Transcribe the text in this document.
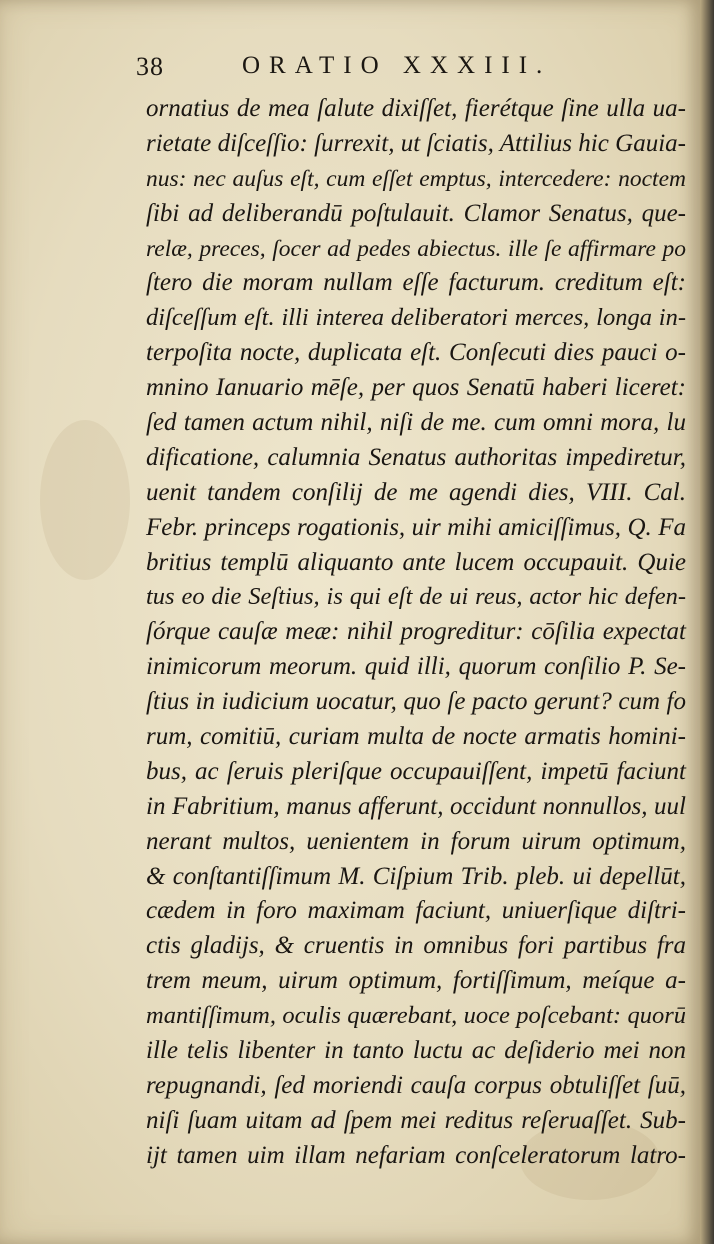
38	ORATIO XXXIII.
ornatius de mea ſalute dixiſſet, fierétque ſine ulla ua-
rietate diſceſſio: ſurrexit, ut ſciatis, Attilius hic Gauia-
nus: nec auſus eſt, cum eſſet emptus, intercedere: noctem
ſibi ad deliberandū poſtulauit. Clamor Senatus, que-
relæ, preces, ſocer ad pedes abiectus. ille ſe affirmare po
ſtero die moram nullam eſſe facturum. creditum eſt:
diſceſſum eſt. illi interea deliberatori merces, longa in-
terpoſita nocte, duplicata eſt. Conſecuti dies pauci o-
mnino Ianuario mēſe, per quos Senatū haberi liceret:
ſed tamen actum nihil, niſi de me. cum omni mora, lu
dificatione, calumnia Senatus authoritas impediretur,
uenit tandem conſilij de me agendi dies, VIII. Cal.
Febr. princeps rogationis, uir mihi amiciſſimus, Q. Fa
britius templū aliquanto ante lucem occupauit. Quie
tus eo die Seſtius, is qui eſt de ui reus, actor hic defen-
ſórque cauſæ meæ: nihil progreditur: cōſilia expectat
inimicorum meorum. quid illi, quorum conſilio P. Se-
ſtius in iudicium uocatur, quo ſe pacto gerunt? cum fo
rum, comitiū, curiam multa de nocte armatis homini-
bus, ac ſeruis pleriſque occupauiſſent, impetū faciunt
in Fabritium, manus afferunt, occidunt nonnullos, uul
nerant multos, uenientem in forum uirum optimum,
& conſtantiſſimum M. Ciſpium Trib. pleb. ui depellūt,
cædem in foro maximam faciunt, uniuerſique diſtri-
ctis gladijs, & cruentis in omnibus fori partibus fra
trem meum, uirum optimum, fortiſſimum, meíque a-
mantiſſimum, oculis quærebant, uoce poſcebant: quorū
ille telis libenter in tanto luctu ac deſiderio mei non
repugnandi, ſed moriendi cauſa corpus obtuliſſet ſuū,
niſi ſuam uitam ad ſpem mei reditus reſeruaſſet. Sub-
ijt tamen uim illam nefariam conſceleratorum latro-
